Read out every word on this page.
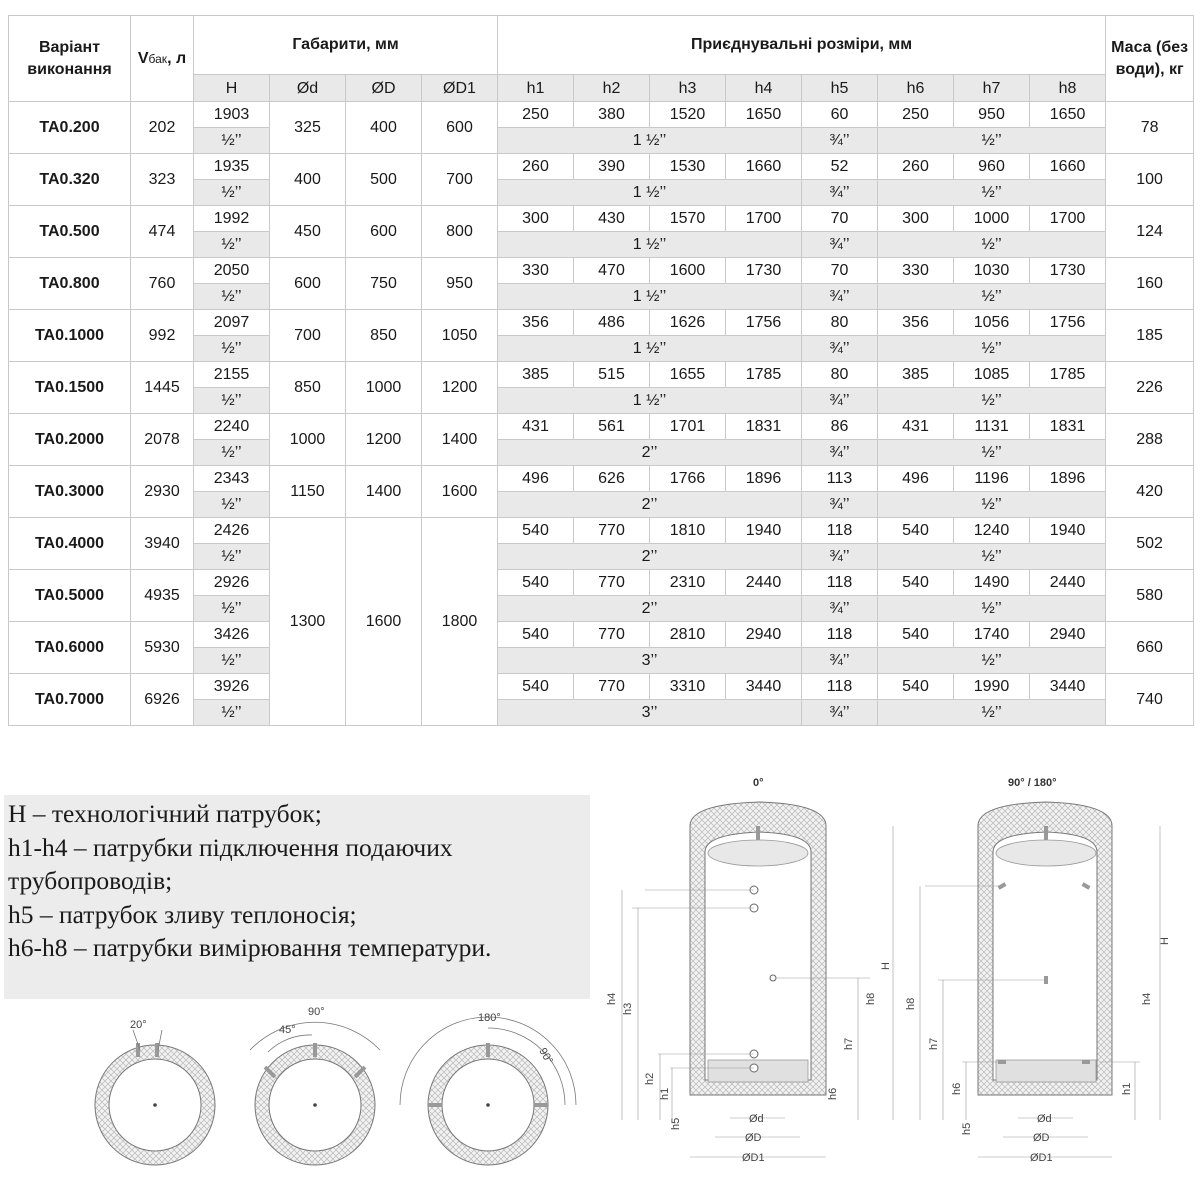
Варіант виконання	Vбак, л	Габарити, мм				Приєднувальні розміри, мм								Маса (без води), кг
		H	Ød	ØD	ØD1	h1	h2	h3	h4	h5	h6	h7	h8	
TA0.200	202	1903	325	400	600	250	380	1520	1650	60	250	950	1650	78
		½’’				1 ½’’				¾’’	½’’			
TA0.320	323	1935	400	500	700	260	390	1530	1660	52	260	960	1660	100
		½’’				1 ½’’				¾’’	½’’			
TA0.500	474	1992	450	600	800	300	430	1570	1700	70	300	1000	1700	124
		½’’				1 ½’’				¾’’	½’’			
TA0.800	760	2050	600	750	950	330	470	1600	1730	70	330	1030	1730	160
		½’’				1 ½’’				¾’’	½’’			
TA0.1000	992	2097	700	850	1050	356	486	1626	1756	80	356	1056	1756	185
		½’’				1 ½’’				¾’’	½’’			
TA0.1500	1445	2155	850	1000	1200	385	515	1655	1785	80	385	1085	1785	226
		½’’				1 ½’’				¾’’	½’’			
TA0.2000	2078	2240	1000	1200	1400	431	561	1701	1831	86	431	1131	1831	288
		½’’				2’’				¾’’	½’’			
TA0.3000	2930	2343	1150	1400	1600	496	626	1766	1896	113	496	1196	1896	420
		½’’				2’’				¾’’	½’’			
TA0.4000	3940	2426	1300	1600	1800	540	770	1810	1940	118	540	1240	1940	502
		½’’				2’’				¾’’	½’’			
TA0.5000	4935	2926				540	770	2310	2440	118	540	1490	2440	580
		½’’				2’’				¾’’	½’’			
TA0.6000	5930	3426				540	770	2810	2940	118	540	1740	2940	660
		½’’				3’’				¾’’	½’’			
TA0.7000	6926	3926				540	770	3310	3440	118	540	1990	3440	740
		½’’				3’’				¾’’	½’’			
H – технологічний патрубок;
h1-h4 – патрубки підключення подаючих
трубопроводів;
h5 – патрубок зливу теплоносія;
h6-h8 – патрубки вимірювання температури.
20°
90°
45°
180°
90°
0°
h4
h3
h2
h1
h5
h7
h8
h6
H
Ød
ØD
ØD1
90° / 180°
h8
h7
h6
h5
h1
h4
H
Ød
ØD
ØD1
